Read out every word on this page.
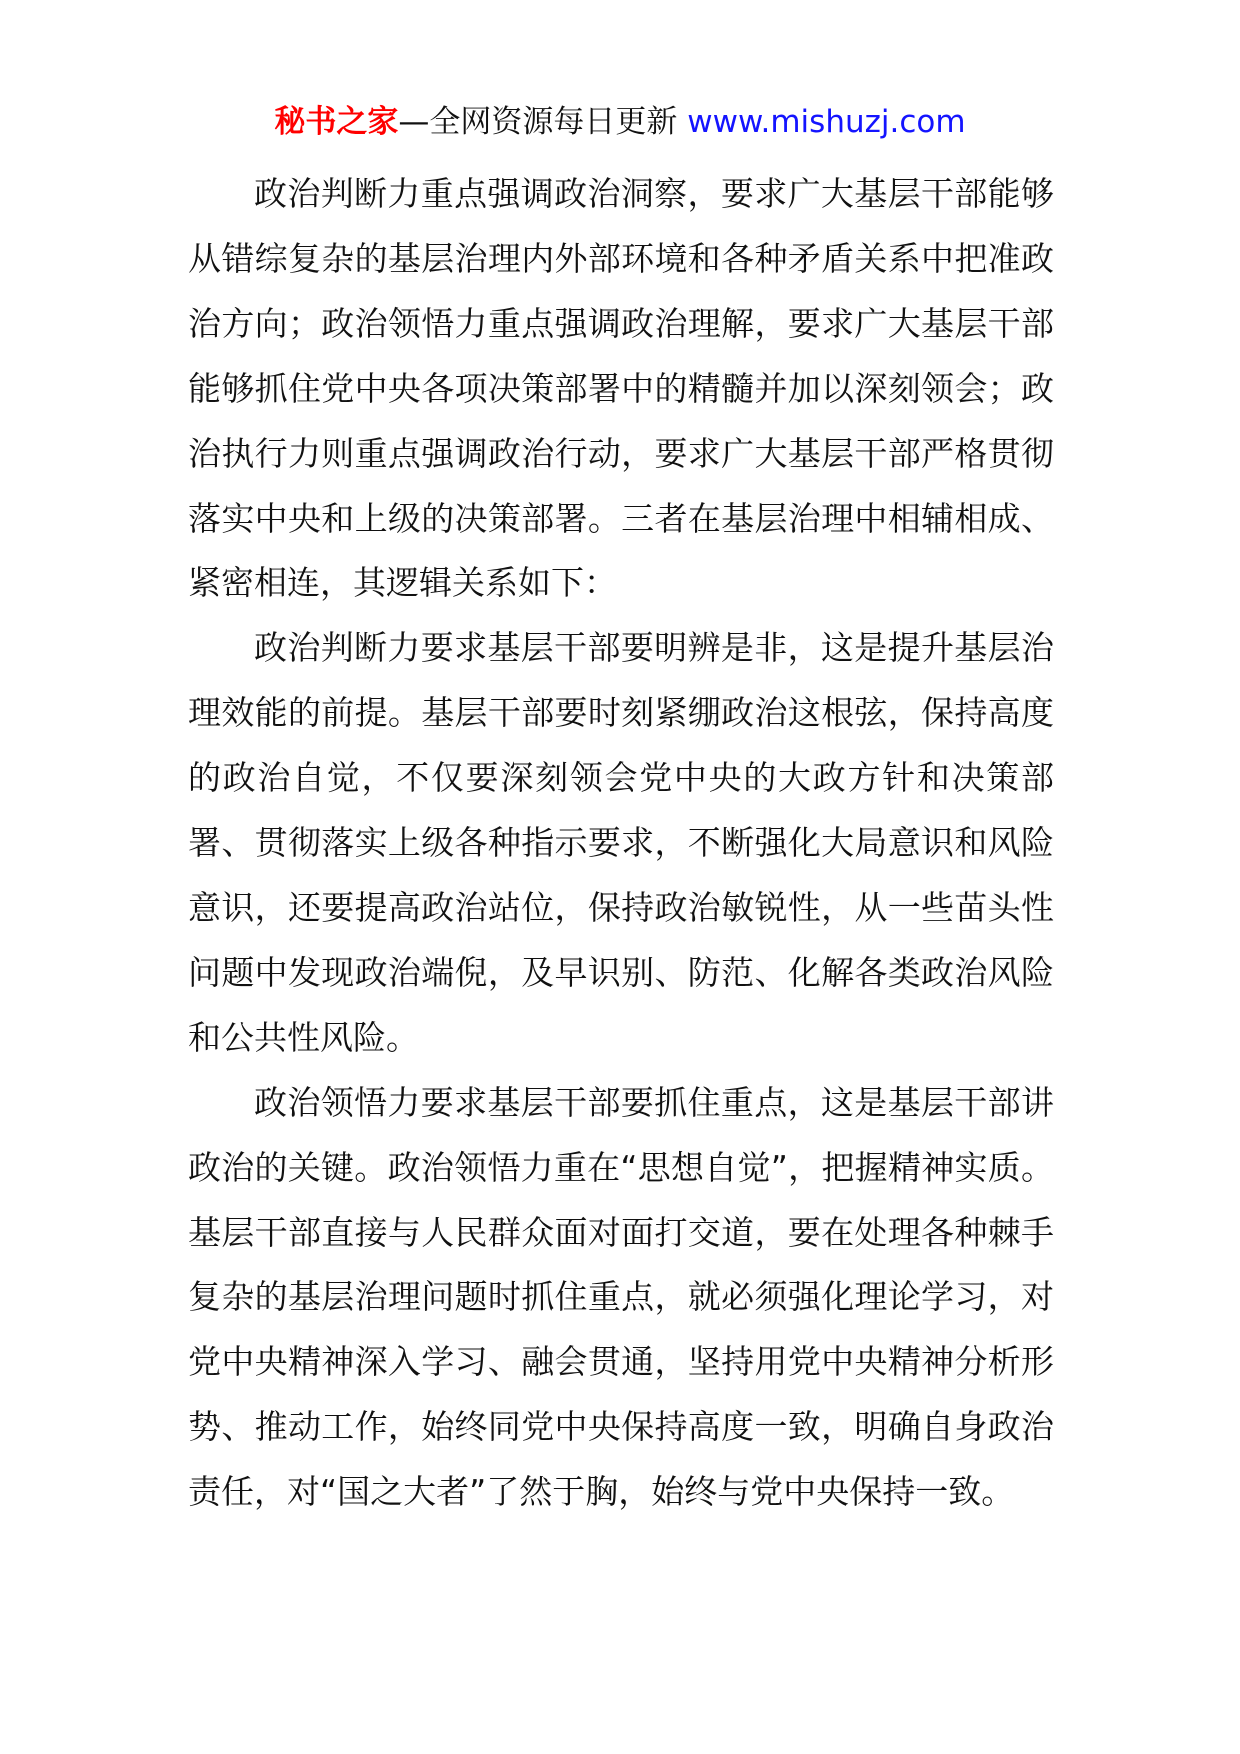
秘书之家—全网资源每日更新 www.mishuzj.com

政治判断力重点强调政治洞察，要求广大基层干部能够从错综复杂的基层治理内外部环境和各种矛盾关系中把准政治方向；政治领悟力重点强调政治理解，要求广大基层干部能够抓住党中央各项决策部署中的精髓并加以深刻领会；政治执行力则重点强调政治行动，要求广大基层干部严格贯彻落实中央和上级的决策部署。三者在基层治理中相辅相成、紧密相连，其逻辑关系如下：

政治判断力要求基层干部要明辨是非，这是提升基层治理效能的前提。基层干部要时刻紧绷政治这根弦，保持高度的政治自觉，不仅要深刻领会党中央的大政方针和决策部署、贯彻落实上级各种指示要求，不断强化大局意识和风险意识，还要提高政治站位，保持政治敏锐性，从一些苗头性问题中发现政治端倪，及早识别、防范、化解各类政治风险和公共性风险。

政治领悟力要求基层干部要抓住重点，这是基层干部讲政治的关键。政治领悟力重在“思想自觉”，把握精神实质。基层干部直接与人民群众面对面打交道，要在处理各种棘手复杂的基层治理问题时抓住重点，就必须强化理论学习，对党中央精神深入学习、融会贯通，坚持用党中央精神分析形势、推动工作，始终同党中央保持高度一致，明确自身政治责任，对“国之大者”了然于胸，始终与党中央保持一致。
